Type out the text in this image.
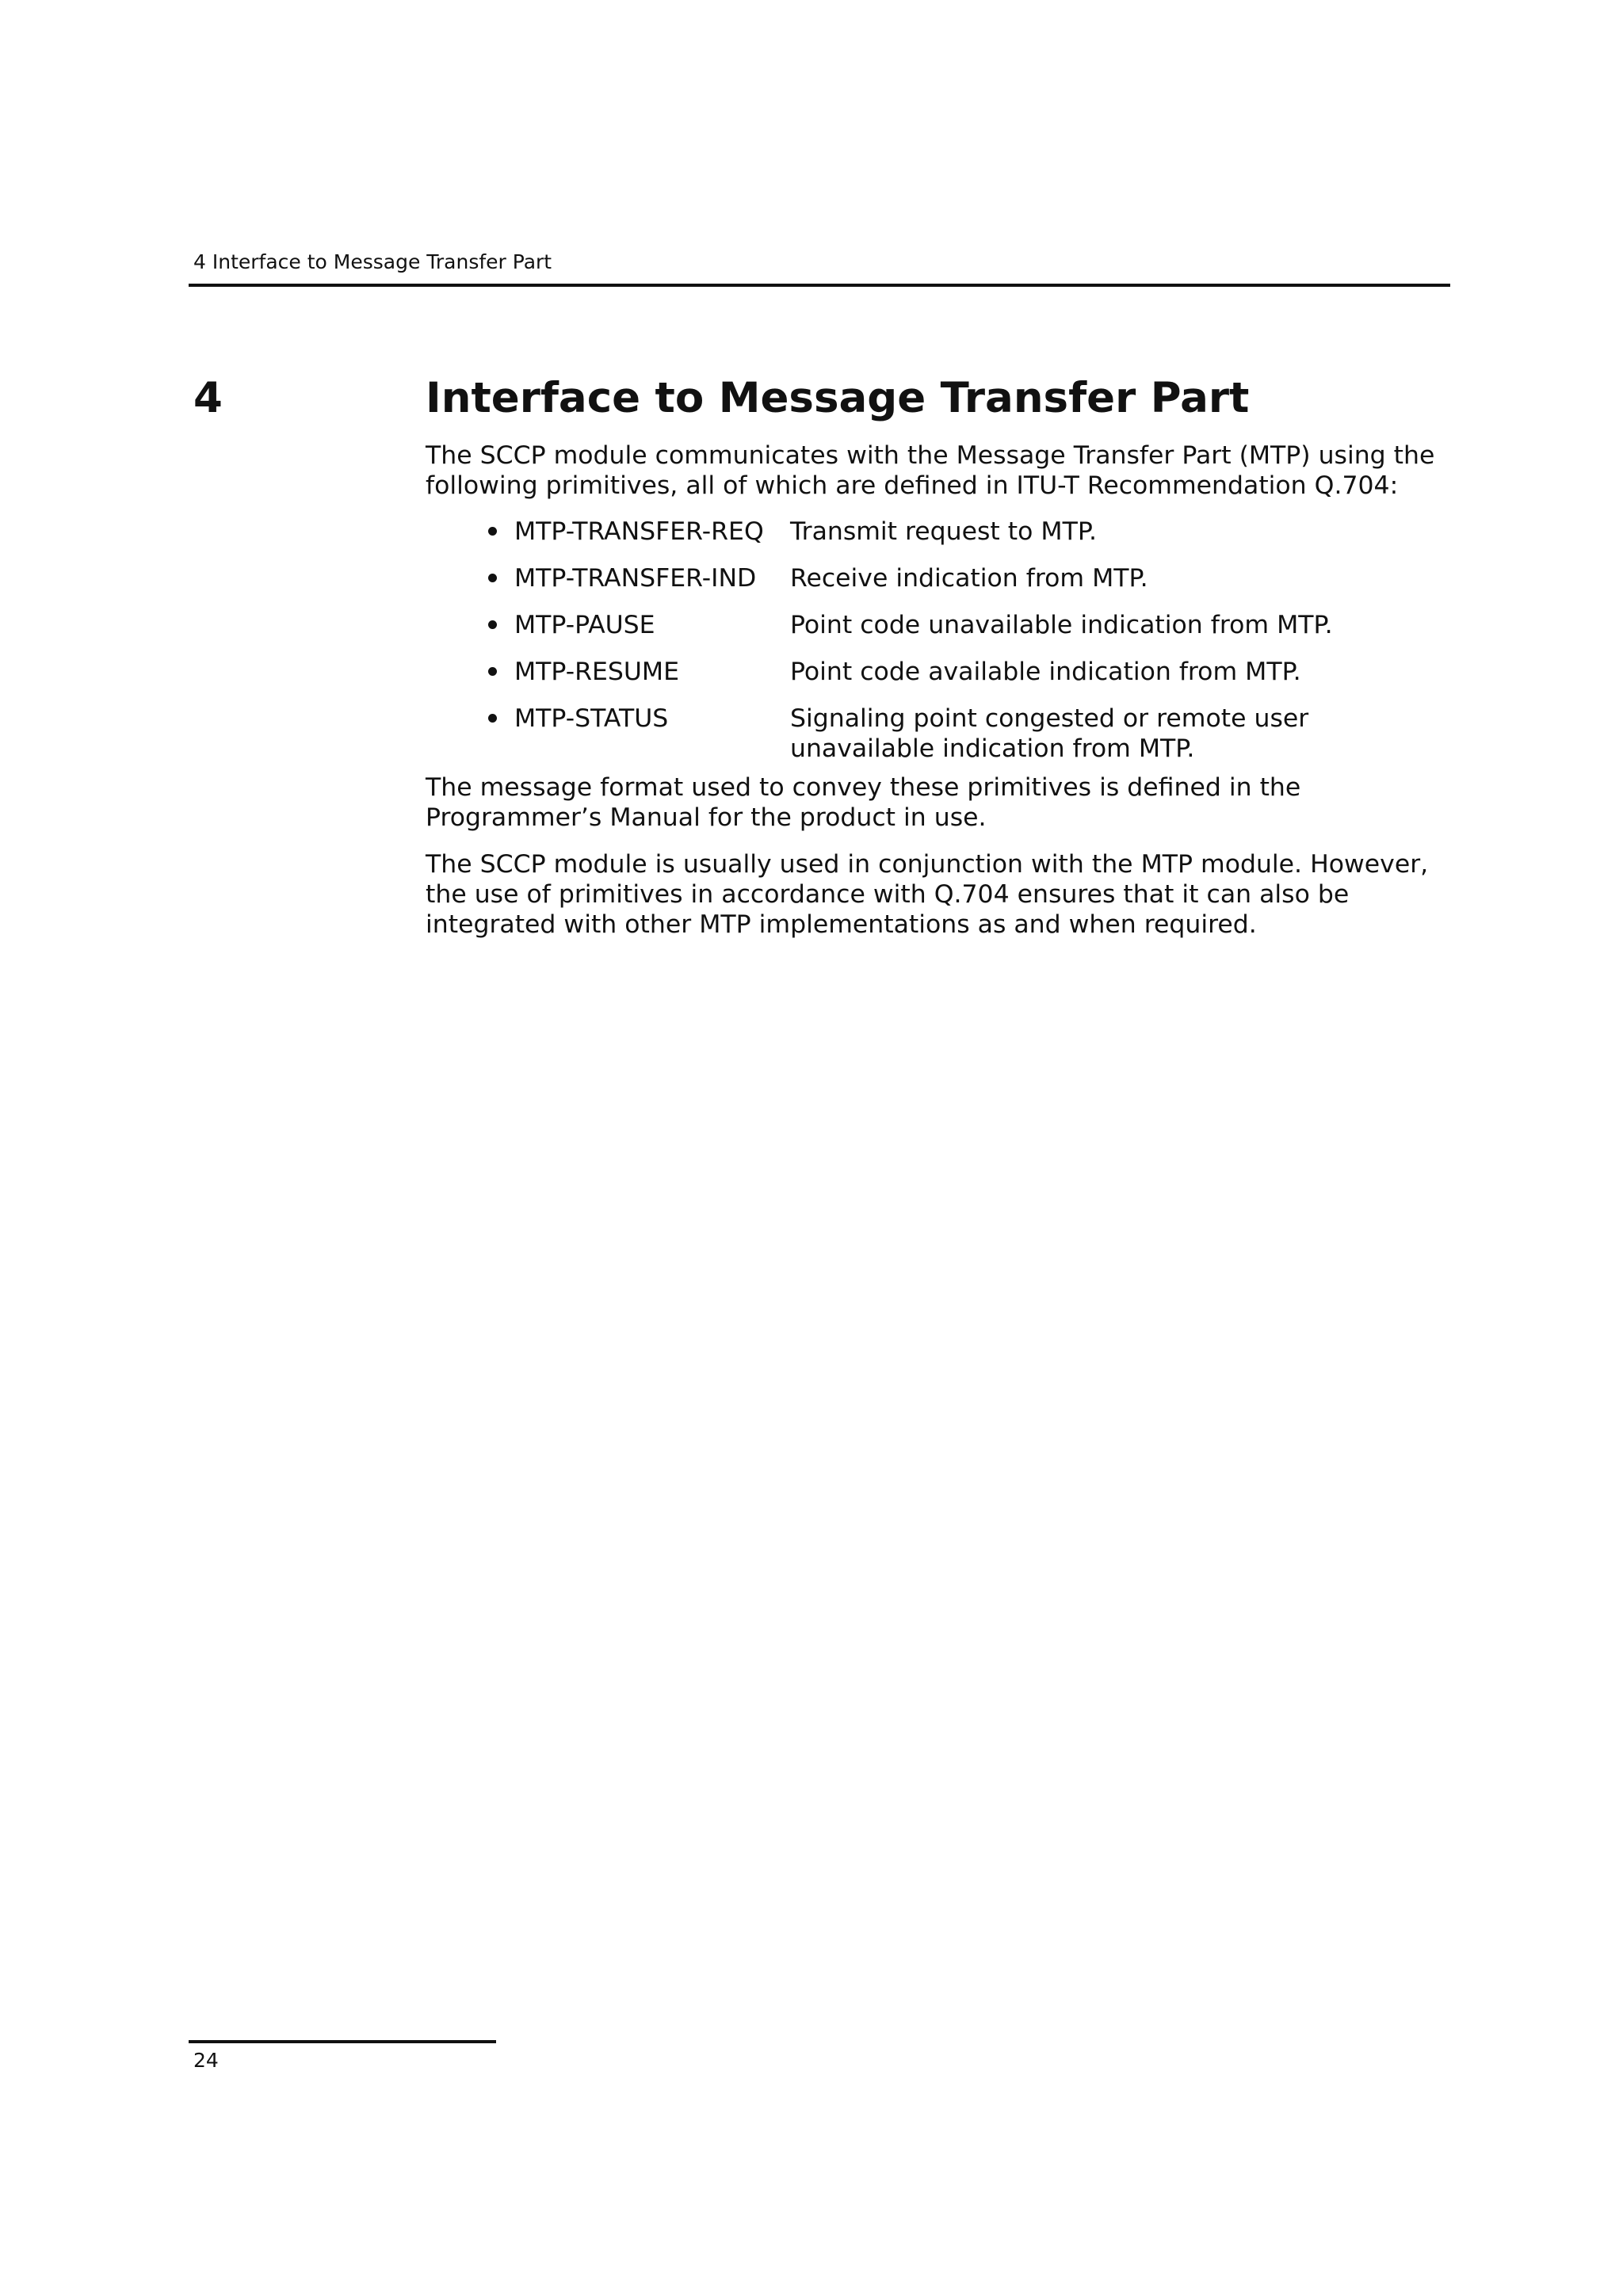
4 Interface to Message Transfer Part
4	Interface to Message Transfer Part

The SCCP module communicates with the Message Transfer Part (MTP) using the following primitives, all of which are defined in ITU-T Recommendation Q.704:

MTP-TRANSFER-REQ	Transmit request to MTP.
MTP-TRANSFER-IND	Receive indication from MTP.
MTP-PAUSE	Point code unavailable indication from MTP.
MTP-RESUME	Point code available indication from MTP.
MTP-STATUS	Signaling point congested or remote user unavailable indication from MTP.

The message format used to convey these primitives is defined in the Programmer’s Manual for the product in use.

The SCCP module is usually used in conjunction with the MTP module. However, the use of primitives in accordance with Q.704 ensures that it can also be integrated with other MTP implementations as and when required.

24
